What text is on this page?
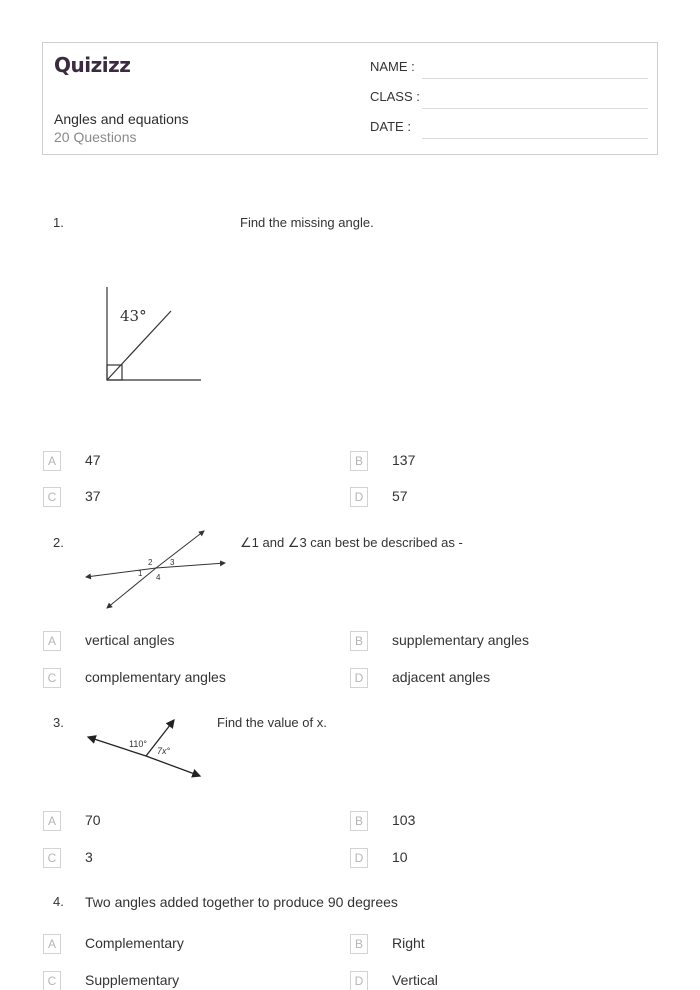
Quizizz
Angles and equations
20 Questions
NAME :
CLASS :
DATE :
1.	Find the missing angle.
43°
A	47	B	137
C	37	D	57
2.	∠1 and ∠3 can best be described as -
1
2 3
4
A	vertical angles	B	supplementary angles
C	complementary angles	D	adjacent angles
3.	Find the value of x.
110°
7x°
A	70	B	103
C	3	D	10
4. Two angles added together to produce 90 degrees
A	Complementary	B	Right
C	Supplementary	D	Vertical
